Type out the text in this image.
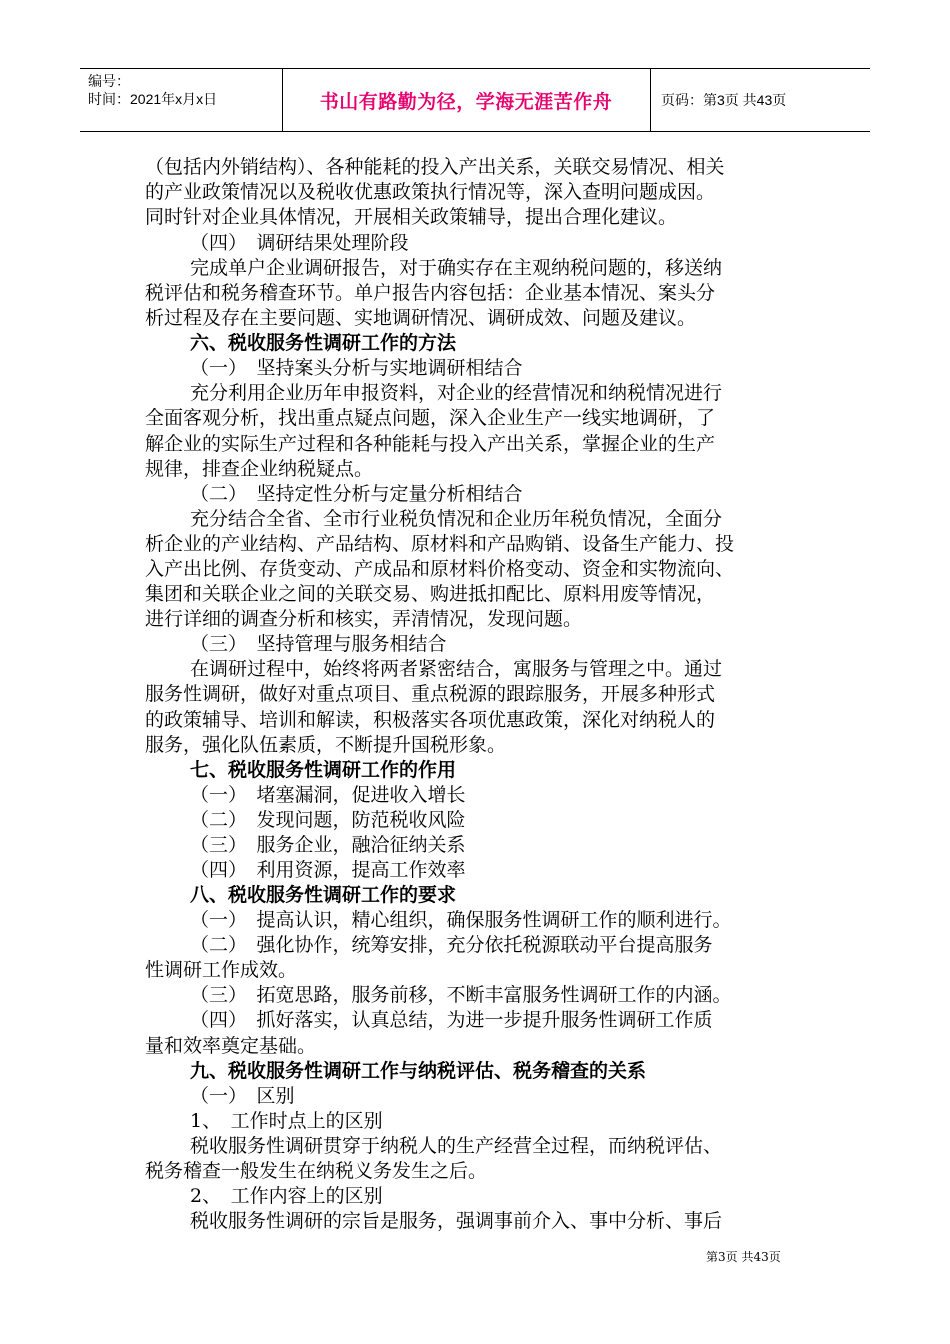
编号：
时间：2021年x月x日	书山有路勤为径，学海无涯苦作舟	页码：第3页 共43页
（包括内外销结构）、各种能耗的投入产出关系，关联交易情况、相关
的产业政策情况以及税收优惠政策执行情况等，深入查明问题成因。
同时针对企业具体情况，开展相关政策辅导，提出合理化建议。
（四）　调研结果处理阶段
完成单户企业调研报告，对于确实存在主观纳税问题的，移送纳
税评估和税务稽查环节。单户报告内容包括：企业基本情况、案头分
析过程及存在主要问题、实地调研情况、调研成效、问题及建议。
六、税收服务性调研工作的方法
（一）　坚持案头分析与实地调研相结合
充分利用企业历年申报资料，对企业的经营情况和纳税情况进行
全面客观分析，找出重点疑点问题，深入企业生产一线实地调研，了
解企业的实际生产过程和各种能耗与投入产出关系，掌握企业的生产
规律，排查企业纳税疑点。
（二）　坚持定性分析与定量分析相结合
充分结合全省、全市行业税负情况和企业历年税负情况，全面分
析企业的产业结构、产品结构、原材料和产品购销、设备生产能力、投
入产出比例、存货变动、产成品和原材料价格变动、资金和实物流向、
集团和关联企业之间的关联交易、购进抵扣配比、原料用废等情况，
进行详细的调查分析和核实，弄清情况，发现问题。
（三）　坚持管理与服务相结合
在调研过程中，始终将两者紧密结合，寓服务与管理之中。通过
服务性调研，做好对重点项目、重点税源的跟踪服务，开展多种形式
的政策辅导、培训和解读，积极落实各项优惠政策，深化对纳税人的
服务，强化队伍素质，不断提升国税形象。
七、税收服务性调研工作的作用
（一）　堵塞漏洞，促进收入增长
（二）　发现问题，防范税收风险
（三）　服务企业，融洽征纳关系
（四）　利用资源，提高工作效率
八、税收服务性调研工作的要求
（一）　提高认识，精心组织，确保服务性调研工作的顺利进行。
（二）　强化协作，统筹安排，充分依托税源联动平台提高服务
性调研工作成效。
（三）　拓宽思路，服务前移，不断丰富服务性调研工作的内涵。
（四）　抓好落实，认真总结，为进一步提升服务性调研工作质
量和效率奠定基础。
九、税收服务性调研工作与纳税评估、税务稽查的关系
（一）　区别
1、　工作时点上的区别
税收服务性调研贯穿于纳税人的生产经营全过程，而纳税评估、
税务稽查一般发生在纳税义务发生之后。
2、　工作内容上的区别
税收服务性调研的宗旨是服务，强调事前介入、事中分析、事后
第3页 共43页
